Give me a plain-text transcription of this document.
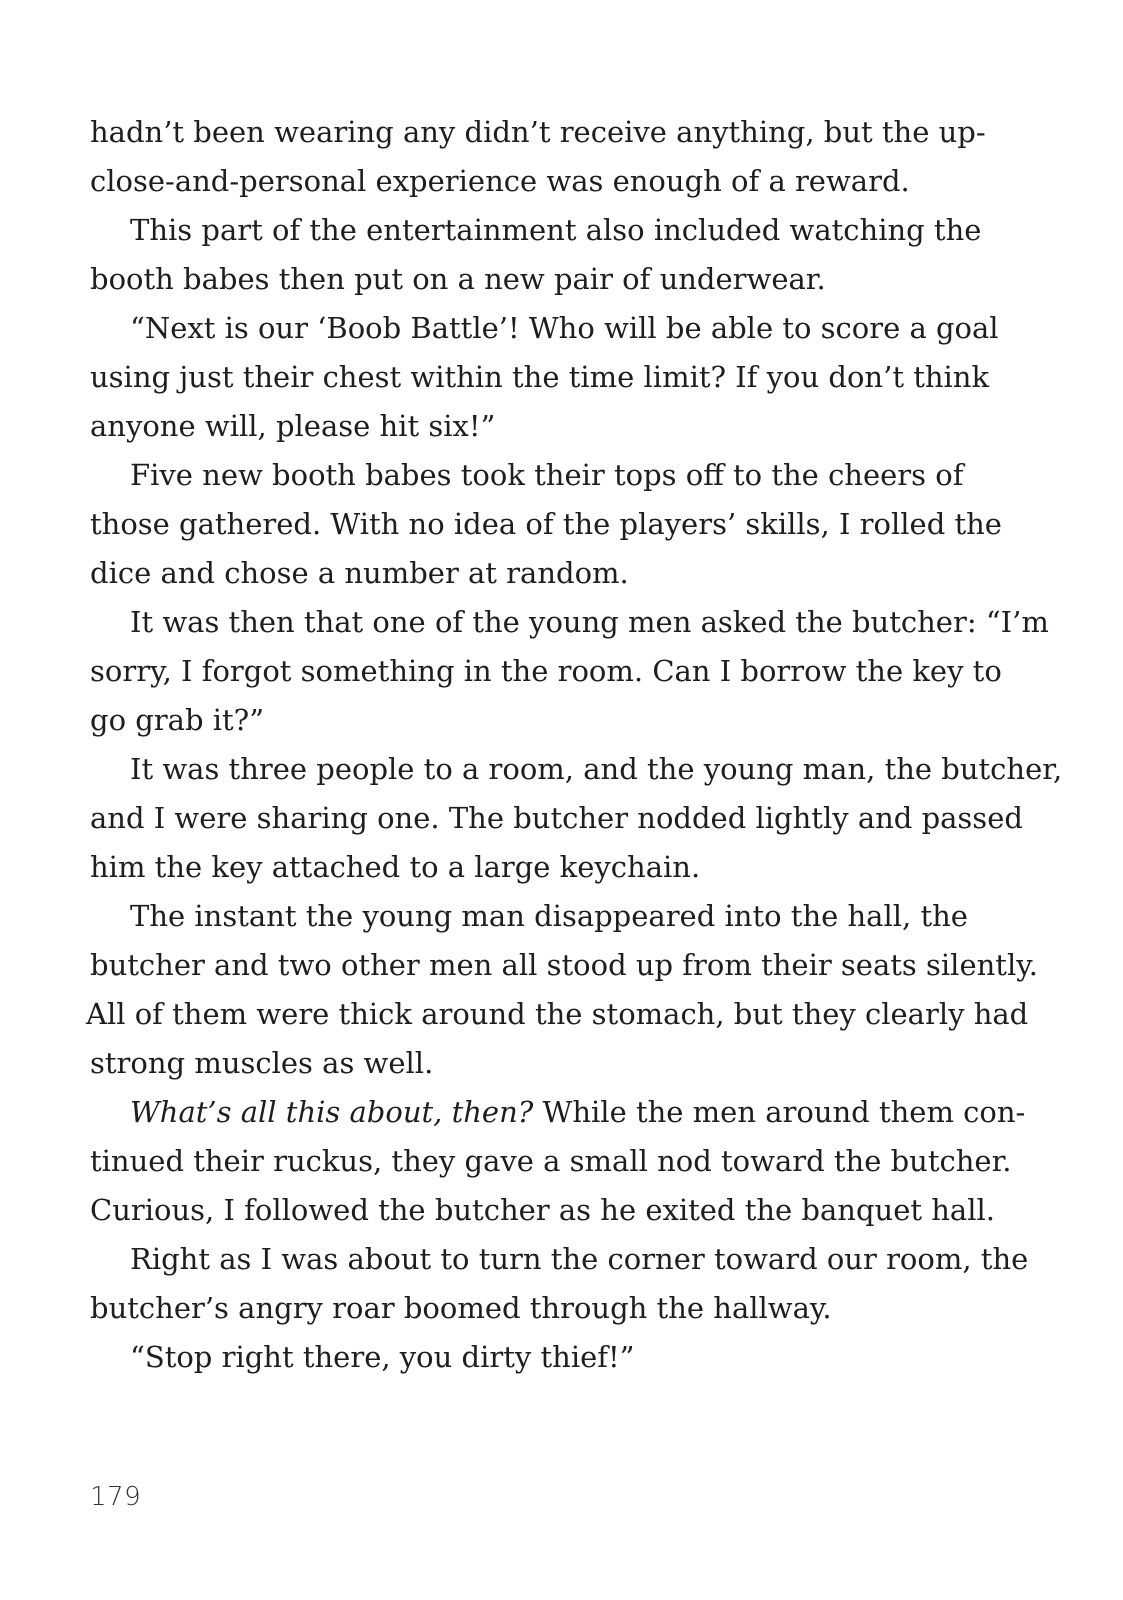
hadn’t been wearing any didn’t receive anything, but the up-
close-and-personal experience was enough of a reward.
This part of the entertainment also included watching the
booth babes then put on a new pair of underwear.
“Next is our ‘Boob Battle’! Who will be able to score a goal
using just their chest within the time limit? If you don’t think
anyone will, please hit six!”
Five new booth babes took their tops off to the cheers of
those gathered. With no idea of the players’ skills, I rolled the
dice and chose a number at random.
It was then that one of the young men asked the butcher: “I’m
sorry, I forgot something in the room. Can I borrow the key to
go grab it?”
It was three people to a room, and the young man, the butcher,
and I were sharing one. The butcher nodded lightly and passed
him the key attached to a large keychain.
The instant the young man disappeared into the hall, the
butcher and two other men all stood up from their seats silently.
All of them were thick around the stomach, but they clearly had
strong muscles as well.
What’s all this about, then? While the men around them con-
tinued their ruckus, they gave a small nod toward the butcher.
Curious, I followed the butcher as he exited the banquet hall.
Right as I was about to turn the corner toward our room, the
butcher’s angry roar boomed through the hallway.
“Stop right there, you dirty thief!”
179
